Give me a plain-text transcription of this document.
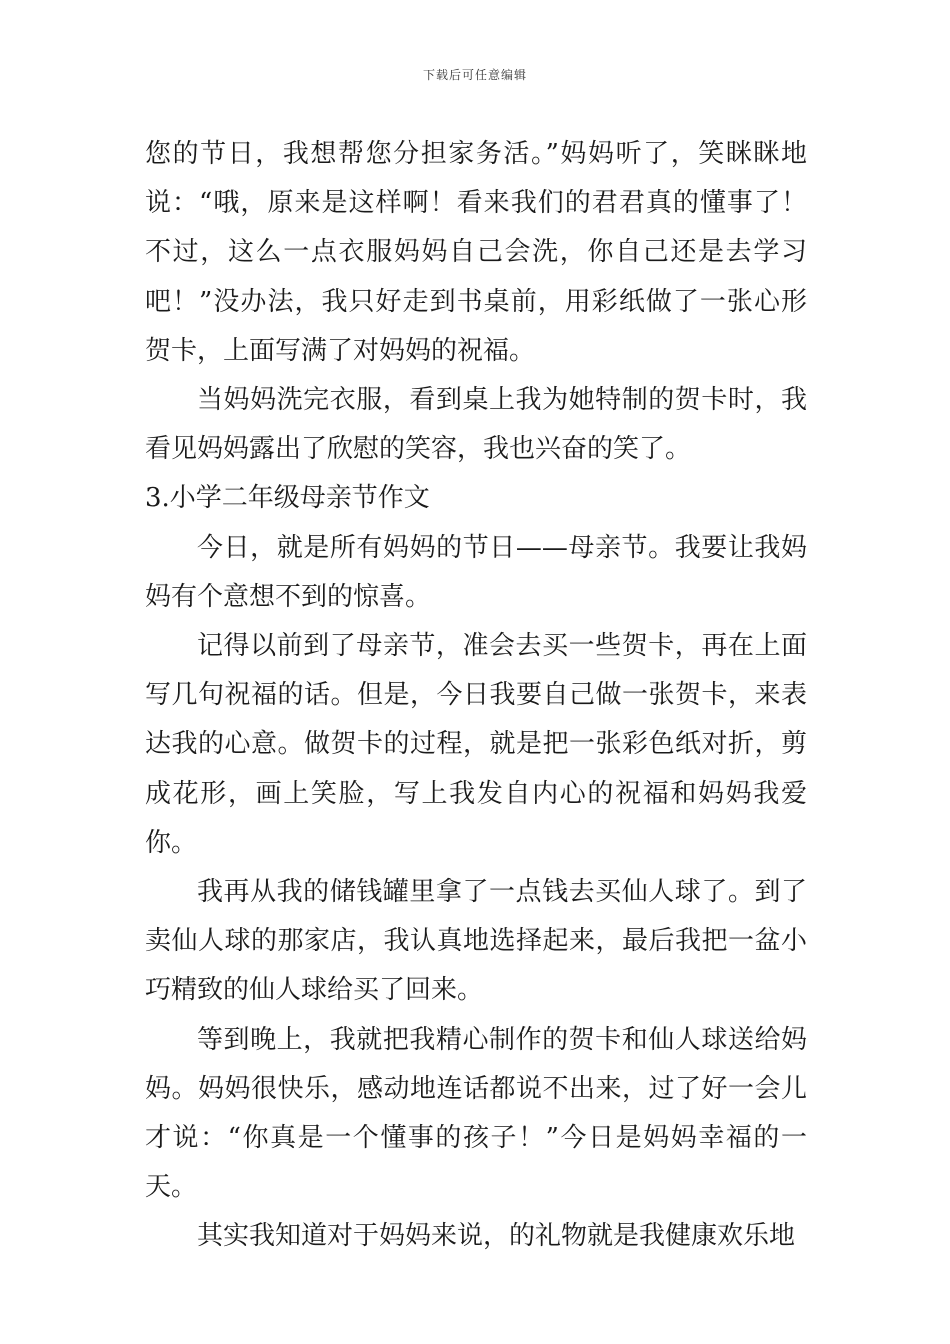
下载后可任意编辑

您的节日，我想帮您分担家务活。”妈妈听了，笑眯眯地说：“哦，原来是这样啊！看来我们的君君真的懂事了！不过，这么一点衣服妈妈自己会洗，你自己还是去学习吧！”没办法，我只好走到书桌前，用彩纸做了一张心形贺卡，上面写满了对妈妈的祝福。

当妈妈洗完衣服，看到桌上我为她特制的贺卡时，我看见妈妈露出了欣慰的笑容，我也兴奋的笑了。

3.小学二年级母亲节作文

今日，就是所有妈妈的节日——母亲节。我要让我妈妈有个意想不到的惊喜。

记得以前到了母亲节，准会去买一些贺卡，再在上面写几句祝福的话。但是，今日我要自己做一张贺卡，来表达我的心意。做贺卡的过程，就是把一张彩色纸对折，剪成花形，画上笑脸，写上我发自内心的祝福和妈妈我爱你。

我再从我的储钱罐里拿了一点钱去买仙人球了。到了卖仙人球的那家店，我认真地选择起来，最后我把一盆小巧精致的仙人球给买了回来。

等到晚上，我就把我精心制作的贺卡和仙人球送给妈妈。妈妈很快乐，感动地连话都说不出来，过了好一会儿才说：“你真是一个懂事的孩子！”今日是妈妈幸福的一天。

其实我知道对于妈妈来说，的礼物就是我健康欢乐地
